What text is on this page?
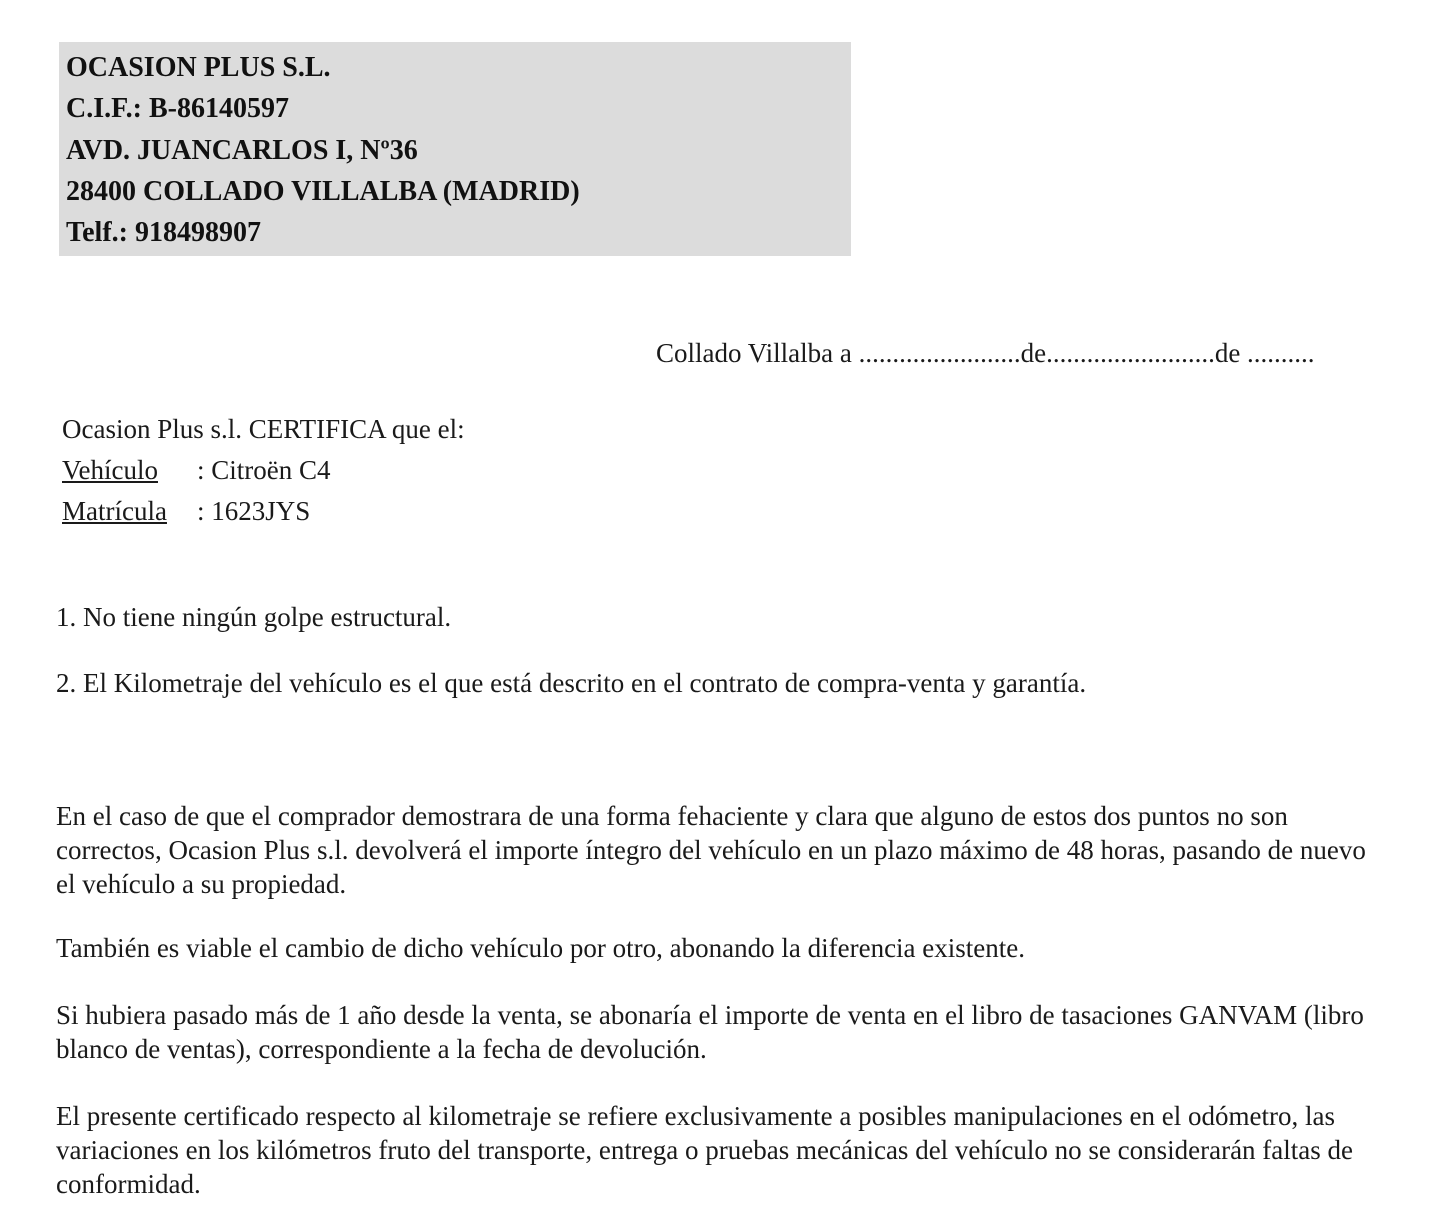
OCASION PLUS S.L.
C.I.F.: B-86140597
AVD. JUANCARLOS I, Nº36
28400 COLLADO VILLALBA (MADRID)
Telf.: 918498907
Collado Villalba a ........................de.........................de ..........
Ocasion Plus s.l. CERTIFICA que el:
Vehículo : Citroën C4
Matrícula : 1623JYS
1. No tiene ningún golpe estructural.
2. El Kilometraje del vehículo es el que está descrito en el contrato de compra-venta y garantía.
En el caso de que el comprador demostrara de una forma fehaciente y clara que alguno de estos dos puntos no son correctos, Ocasion Plus s.l. devolverá el importe íntegro del vehículo en un plazo máximo de 48 horas, pasando de nuevo el vehículo a su propiedad.
También es viable el cambio de dicho vehículo por otro, abonando la diferencia existente.
Si hubiera pasado más de 1 año desde la venta, se abonaría el importe de venta en el libro de tasaciones GANVAM (libro blanco de ventas), correspondiente a la fecha de devolución.
El presente certificado respecto al kilometraje se refiere exclusivamente a posibles manipulaciones en el odómetro, las variaciones en los kilómetros fruto del transporte, entrega o pruebas mecánicas del vehículo no se considerarán faltas de conformidad.
